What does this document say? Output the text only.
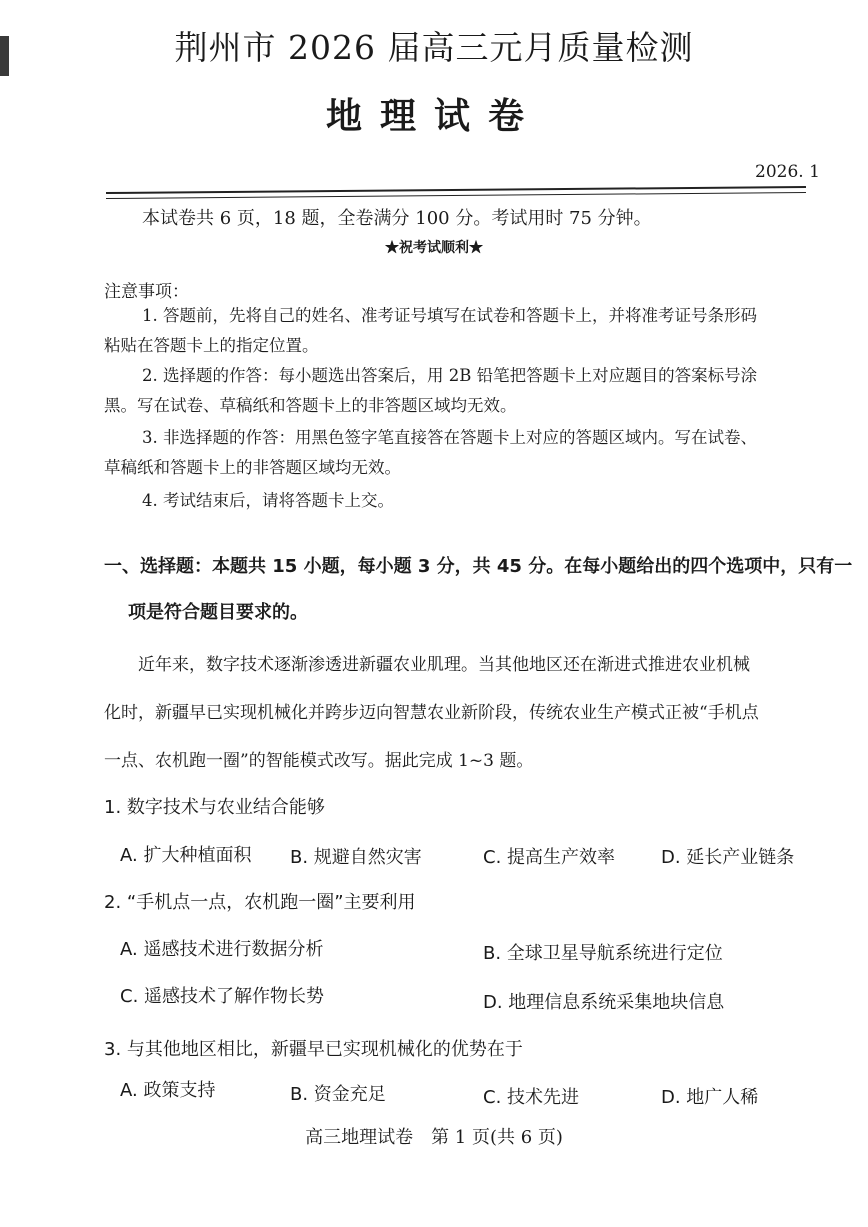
荆州市 2026 届高三元月质量检测
地理试卷
2026. 1
本试卷共 6 页，18 题，全卷满分 100 分。考试用时 75 分钟。
★祝考试顺利★
注意事项：
1. 答题前，先将自己的姓名、准考证号填写在试卷和答题卡上，并将准考证号条形码
粘贴在答题卡上的指定位置。
2. 选择题的作答：每小题选出答案后，用 2B 铅笔把答题卡上对应题目的答案标号涂
黑。写在试卷、草稿纸和答题卡上的非答题区域均无效。
3. 非选择题的作答：用黑色签字笔直接答在答题卡上对应的答题区域内。写在试卷、
草稿纸和答题卡上的非答题区域均无效。
4. 考试结束后，请将答题卡上交。
一、选择题：本题共 15 小题，每小题 3 分，共 45 分。在每小题给出的四个选项中，只有一
项是符合题目要求的。
近年来，数字技术逐渐渗透进新疆农业肌理。当其他地区还在渐进式推进农业机械
化时，新疆早已实现机械化并跨步迈向智慧农业新阶段，传统农业生产模式正被“手机点
一点、农机跑一圈”的智能模式改写。据此完成 1~3 题。
1. 数字技术与农业结合能够
A. 扩大种植面积 B. 规避自然灾害	C. 提高生产效率	D. 延长产业链条
2. “手机点一点，农机跑一圈”主要利用
A. 遥感技术进行数据分析	B. 全球卫星导航系统进行定位
C. 遥感技术了解作物长势	D. 地理信息系统采集地块信息
3. 与其他地区相比，新疆早已实现机械化的优势在于
A. 政策支持	B. 资金充足	C. 技术先进	D. 地广人稀
高三地理试卷　第 1 页(共 6 页)
